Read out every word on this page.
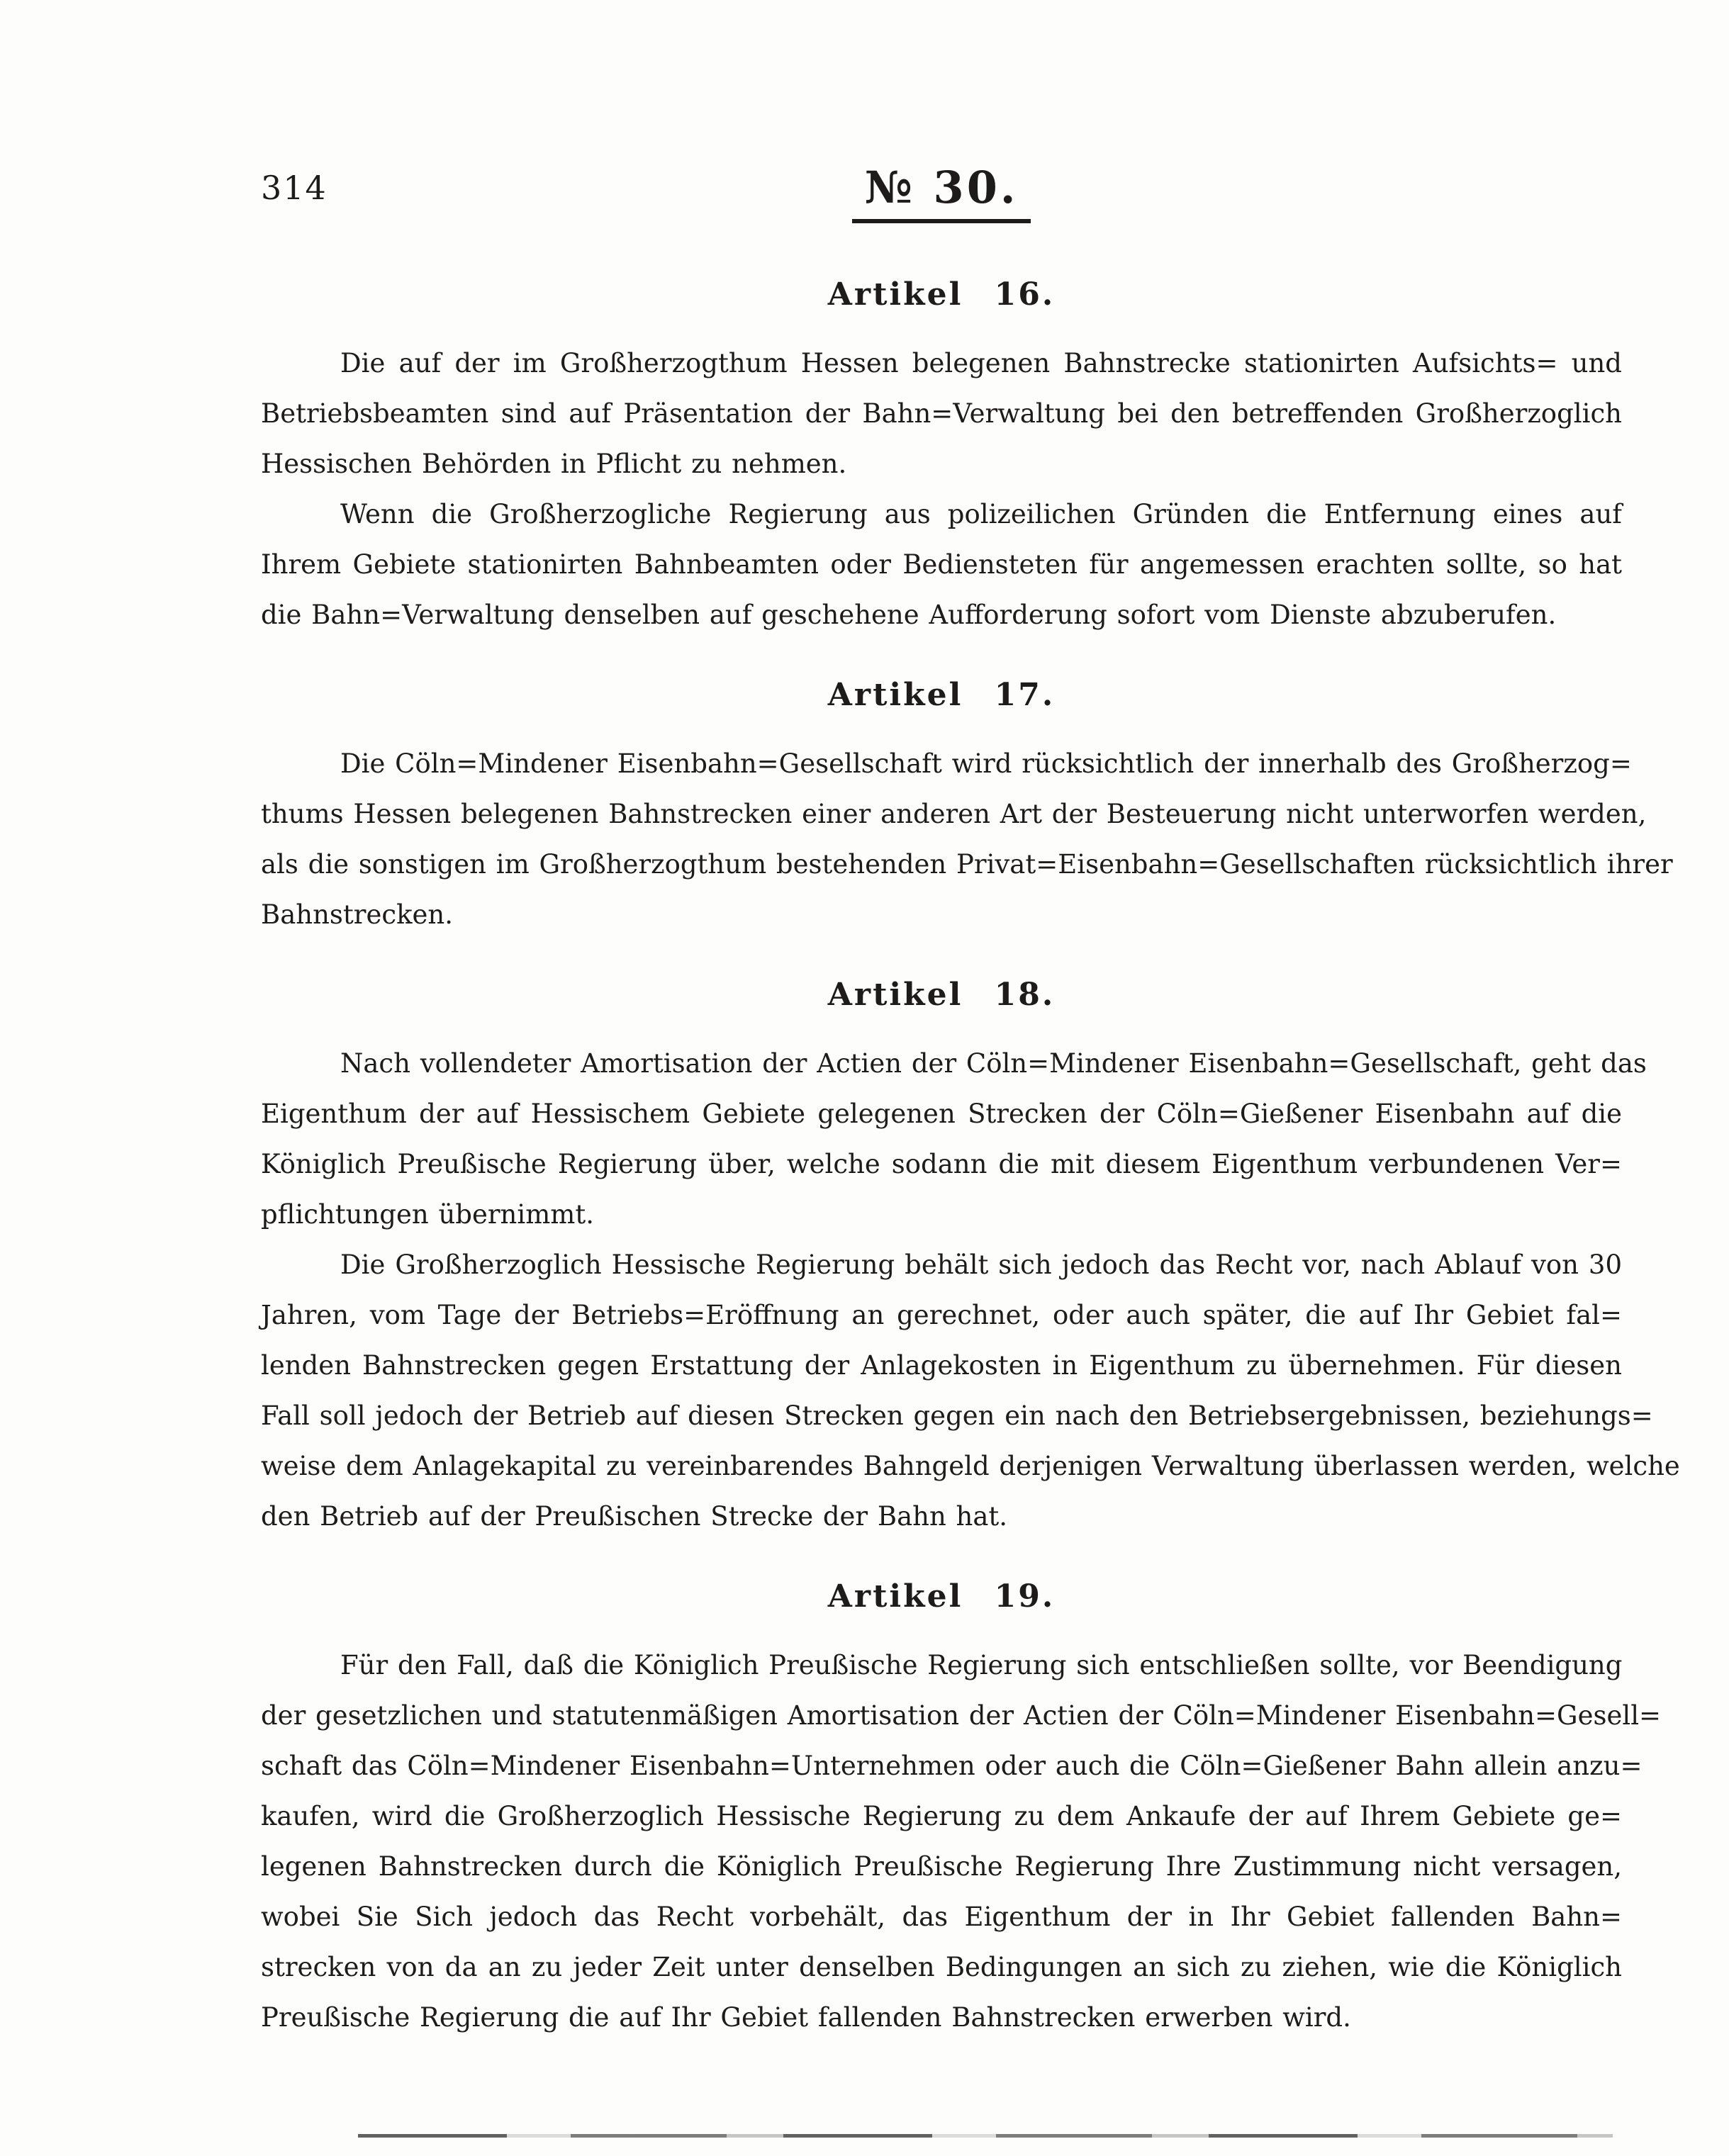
314	№ 30.
Artikel 16.
Die auf der im Großherzogthum Hessen belegenen Bahnstrecke stationirten Aufsichts= und
Betriebsbeamten sind auf Präsentation der Bahn=Verwaltung bei den betreffenden Großherzoglich
Hessischen Behörden in Pflicht zu nehmen.
Wenn die Großherzogliche Regierung aus polizeilichen Gründen die Entfernung eines auf
Ihrem Gebiete stationirten Bahnbeamten oder Bediensteten für angemessen erachten sollte, so hat
die Bahn=Verwaltung denselben auf geschehene Aufforderung sofort vom Dienste abzuberufen.
Artikel 17.
Die Cöln=Mindener Eisenbahn=Gesellschaft wird rücksichtlich der innerhalb des Großherzog=
thums Hessen belegenen Bahnstrecken einer anderen Art der Besteuerung nicht unterworfen werden,
als die sonstigen im Großherzogthum bestehenden Privat=Eisenbahn=Gesellschaften rücksichtlich ihrer
Bahnstrecken.
Artikel 18.
Nach vollendeter Amortisation der Actien der Cöln=Mindener Eisenbahn=Gesellschaft, geht das
Eigenthum der auf Hessischem Gebiete gelegenen Strecken der Cöln=Gießener Eisenbahn auf die
Königlich Preußische Regierung über, welche sodann die mit diesem Eigenthum verbundenen Ver=
pflichtungen übernimmt.
Die Großherzoglich Hessische Regierung behält sich jedoch das Recht vor, nach Ablauf von 30
Jahren, vom Tage der Betriebs=Eröffnung an gerechnet, oder auch später, die auf Ihr Gebiet fal=
lenden Bahnstrecken gegen Erstattung der Anlagekosten in Eigenthum zu übernehmen. Für diesen
Fall soll jedoch der Betrieb auf diesen Strecken gegen ein nach den Betriebsergebnissen, beziehungs=
weise dem Anlagekapital zu vereinbarendes Bahngeld derjenigen Verwaltung überlassen werden, welche
den Betrieb auf der Preußischen Strecke der Bahn hat.
Artikel 19.
Für den Fall, daß die Königlich Preußische Regierung sich entschließen sollte, vor Beendigung
der gesetzlichen und statutenmäßigen Amortisation der Actien der Cöln=Mindener Eisenbahn=Gesell=
schaft das Cöln=Mindener Eisenbahn=Unternehmen oder auch die Cöln=Gießener Bahn allein anzu=
kaufen, wird die Großherzoglich Hessische Regierung zu dem Ankaufe der auf Ihrem Gebiete ge=
legenen Bahnstrecken durch die Königlich Preußische Regierung Ihre Zustimmung nicht versagen,
wobei Sie Sich jedoch das Recht vorbehält, das Eigenthum der in Ihr Gebiet fallenden Bahn=
strecken von da an zu jeder Zeit unter denselben Bedingungen an sich zu ziehen, wie die Königlich
Preußische Regierung die auf Ihr Gebiet fallenden Bahnstrecken erwerben wird.
